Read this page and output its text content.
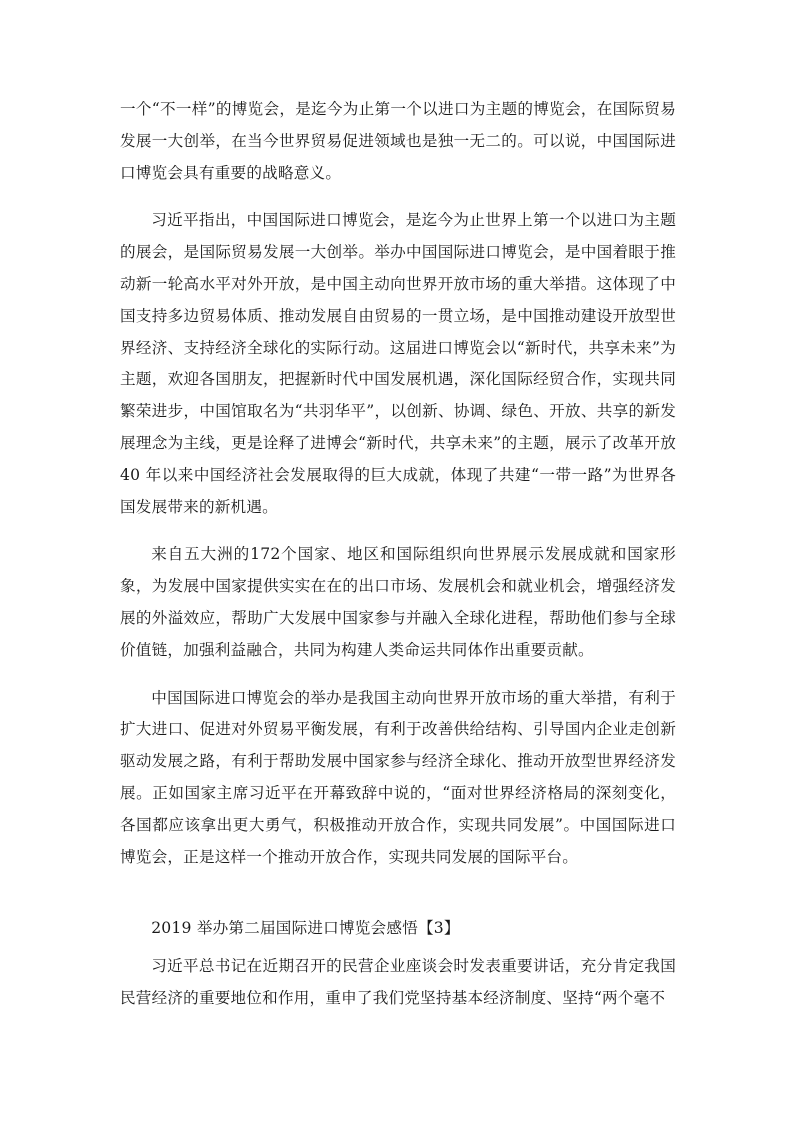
一个“不一样”的博览会，是迄今为止第一个以进口为主题的博览会，在国际贸易发展一大创举，在当今世界贸易促进领域也是独一无二的。可以说，中国国际进口博览会具有重要的战略意义。

习近平指出，中国国际进口博览会，是迄今为止世界上第一个以进口为主题的展会，是国际贸易发展一大创举。举办中国国际进口博览会，是中国着眼于推动新一轮高水平对外开放，是中国主动向世界开放市场的重大举措。这体现了中国支持多边贸易体质、推动发展自由贸易的一贯立场，是中国推动建设开放型世界经济、支持经济全球化的实际行动。这届进口博览会以“新时代，共享未来”为主题，欢迎各国朋友，把握新时代中国发展机遇，深化国际经贸合作，实现共同繁荣进步，中国馆取名为“共羽华平”，以创新、协调、绿色、开放、共享的新发展理念为主线，更是诠释了进博会“新时代，共享未来”的主题，展示了改革开放 40 年以来中国经济社会发展取得的巨大成就，体现了共建“一带一路”为世界各国发展带来的新机遇。

来自五大洲的172个国家、地区和国际组织向世界展示发展成就和国家形象，为发展中国家提供实实在在的出口市场、发展机会和就业机会，增强经济发展的外溢效应，帮助广大发展中国家参与并融入全球化进程，帮助他们参与全球价值链，加强利益融合，共同为构建人类命运共同体作出重要贡献。

中国国际进口博览会的举办是我国主动向世界开放市场的重大举措，有利于扩大进口、促进对外贸易平衡发展，有利于改善供给结构、引导国内企业走创新驱动发展之路，有利于帮助发展中国家参与经济全球化、推动开放型世界经济发展。正如国家主席习近平在开幕致辞中说的，“面对世界经济格局的深刻变化，各国都应该拿出更大勇气，积极推动开放合作，实现共同发展”。中国国际进口博览会，正是这样一个推动开放合作，实现共同发展的国际平台。

2019 举办第二届国际进口博览会感悟【3】

习近平总书记在近期召开的民营企业座谈会时发表重要讲话，充分肯定我国民营经济的重要地位和作用，重申了我们党坚持基本经济制度、坚持“两个毫不
